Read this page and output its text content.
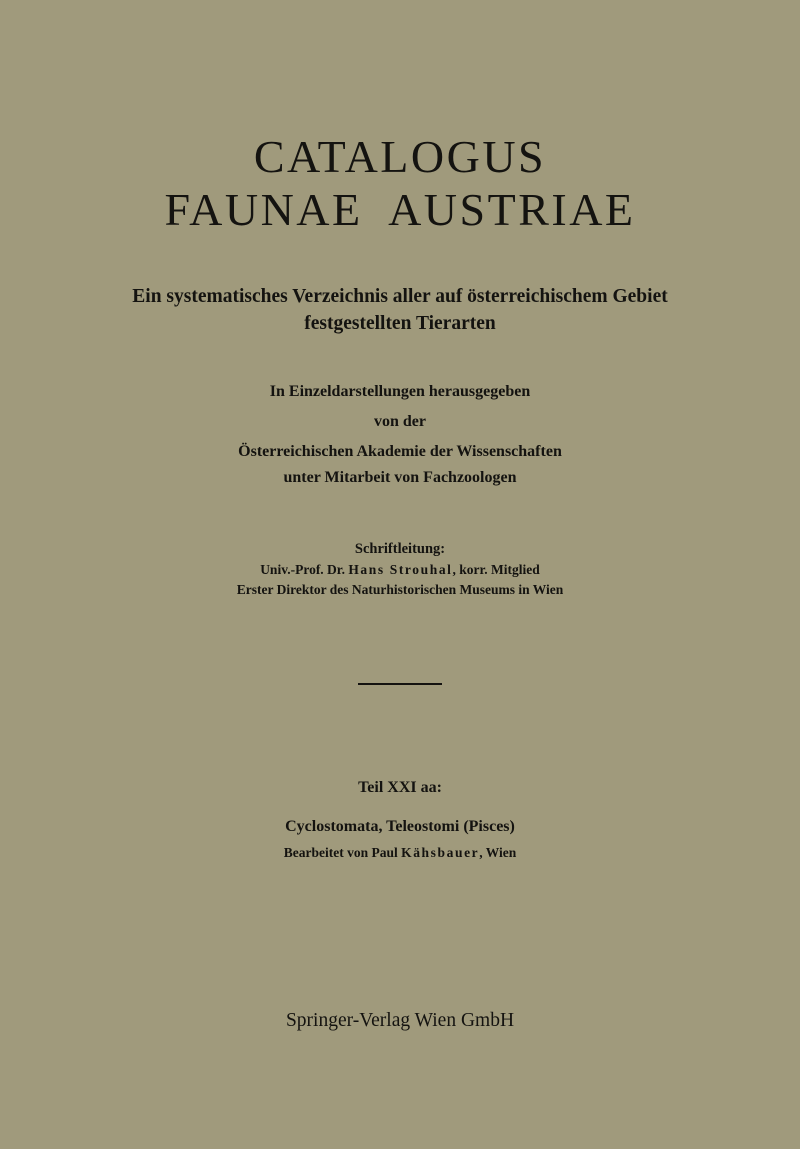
CATALOGUS
FAUNAE AUSTRIAE
Ein systematisches Verzeichnis aller auf österreichischem Gebiet
festgestellten Tierarten
In Einzeldarstellungen herausgegeben
von der
Österreichischen Akademie der Wissenschaften
unter Mitarbeit von Fachzoologen
Schriftleitung:
Univ.-Prof. Dr. Hans Strouhal, korr. Mitglied
Erster Direktor des Naturhistorischen Museums in Wien
Teil XXI aa:
Cyclostomata, Teleostomi (Pisces)
Bearbeitet von Paul Kähsbauer, Wien
Springer-Verlag Wien GmbH
